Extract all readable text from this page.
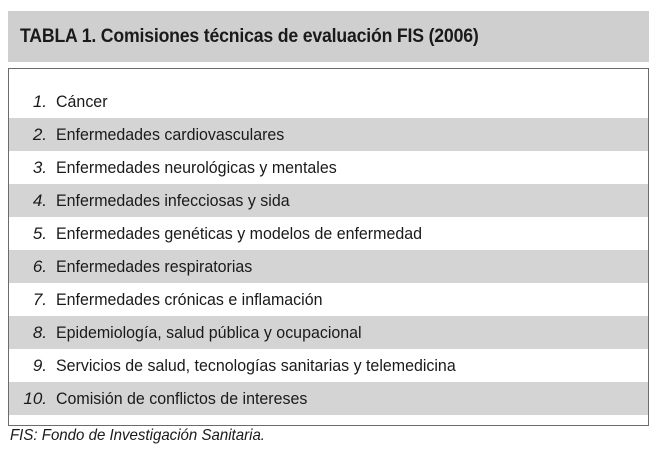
TABLA 1. Comisiones técnicas de evaluación FIS (2006)
1. Cáncer
2. Enfermedades cardiovasculares
3. Enfermedades neurológicas y mentales
4. Enfermedades infecciosas y sida
5. Enfermedades genéticas y modelos de enfermedad
6. Enfermedades respiratorias
7. Enfermedades crónicas e inflamación
8. Epidemiología, salud pública y ocupacional
9. Servicios de salud, tecnologías sanitarias y telemedicina
10. Comisión de conflictos de intereses
FIS: Fondo de Investigación Sanitaria.
